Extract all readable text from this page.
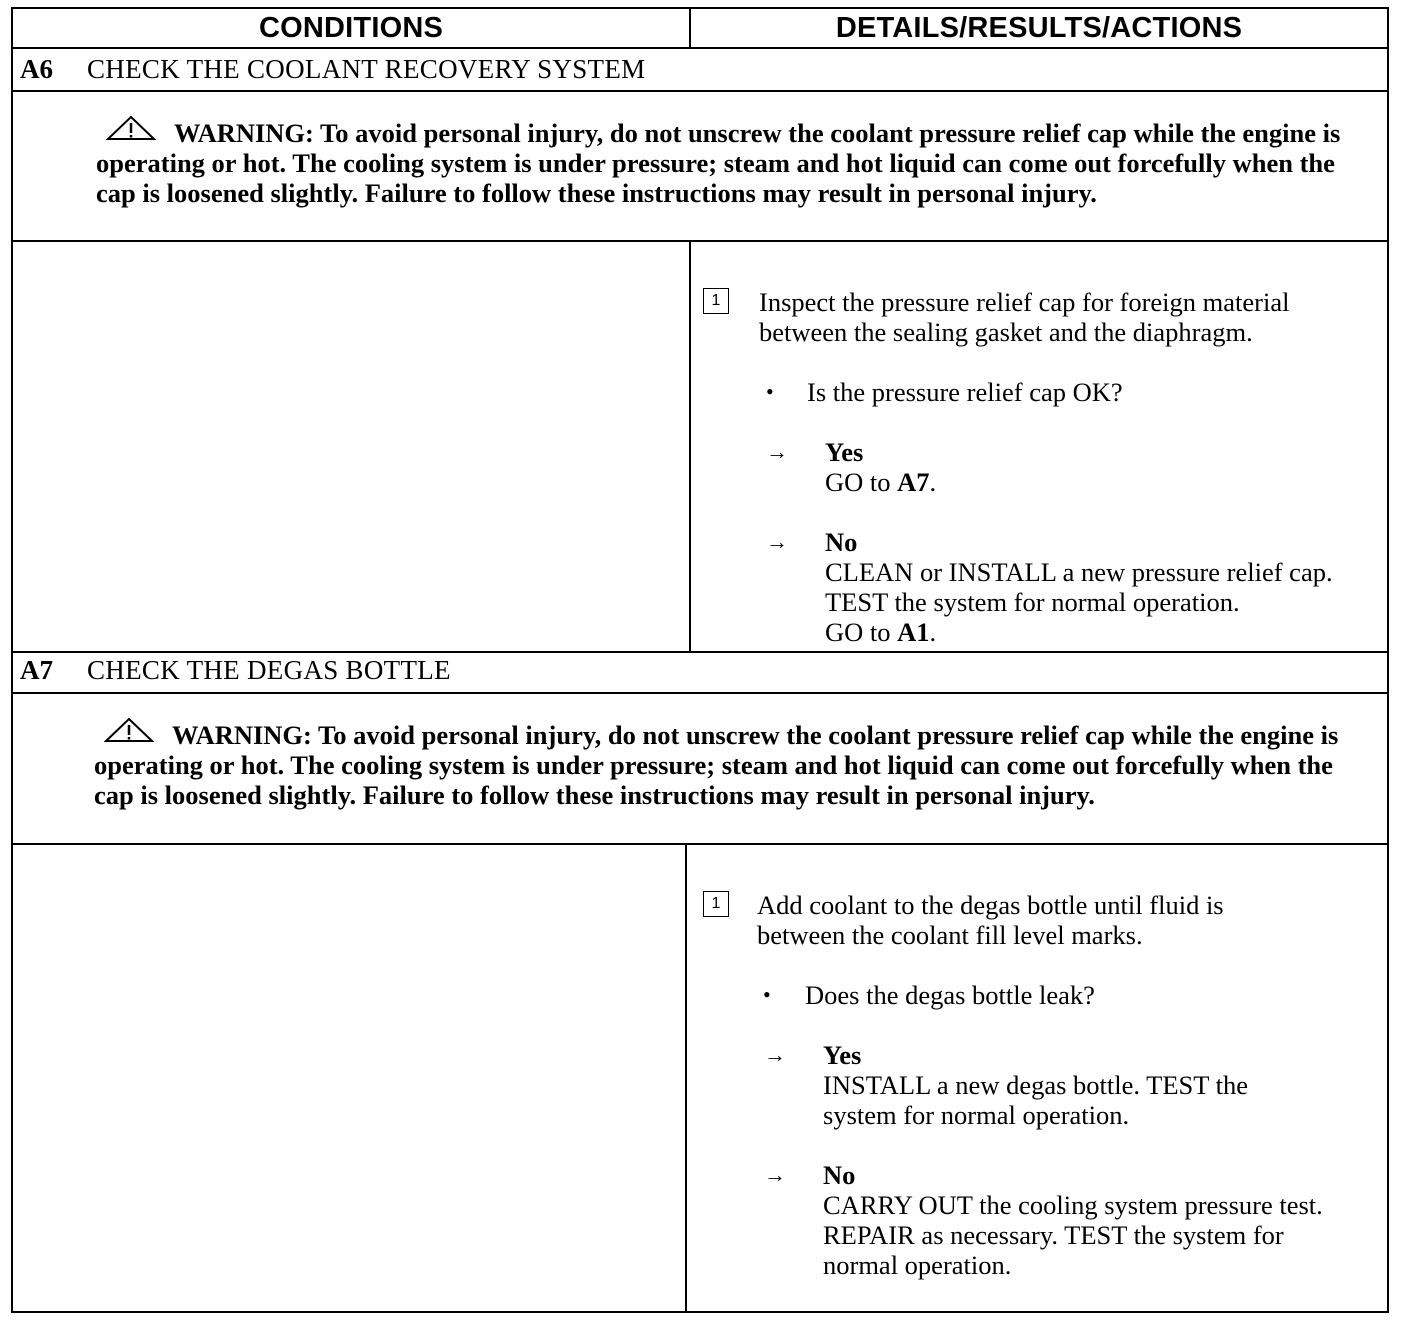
CONDITIONS	DETAILS/RESULTS/ACTIONS
A6 CHECK THE COOLANT RECOVERY SYSTEM
WARNING: To avoid personal injury, do not unscrew the coolant pressure relief cap while the engine is operating or hot. The cooling system is under pressure; steam and hot liquid can come out forcefully when the cap is loosened slightly. Failure to follow these instructions may result in personal injury.
1	Inspect the pressure relief cap for foreign material between the sealing gasket and the diaphragm.
• Is the pressure relief cap OK?
→ Yes
GO to A7.
→ No
CLEAN or INSTALL a new pressure relief cap. TEST the system for normal operation.
GO to A1.
A7 CHECK THE DEGAS BOTTLE
WARNING: To avoid personal injury, do not unscrew the coolant pressure relief cap while the engine is operating or hot. The cooling system is under pressure; steam and hot liquid can come out forcefully when the cap is loosened slightly. Failure to follow these instructions may result in personal injury.
1	Add coolant to the degas bottle until fluid is between the coolant fill level marks.
• Does the degas bottle leak?
→ Yes
INSTALL a new degas bottle. TEST the system for normal operation.
→ No
CARRY OUT the cooling system pressure test. REPAIR as necessary. TEST the system for normal operation.
